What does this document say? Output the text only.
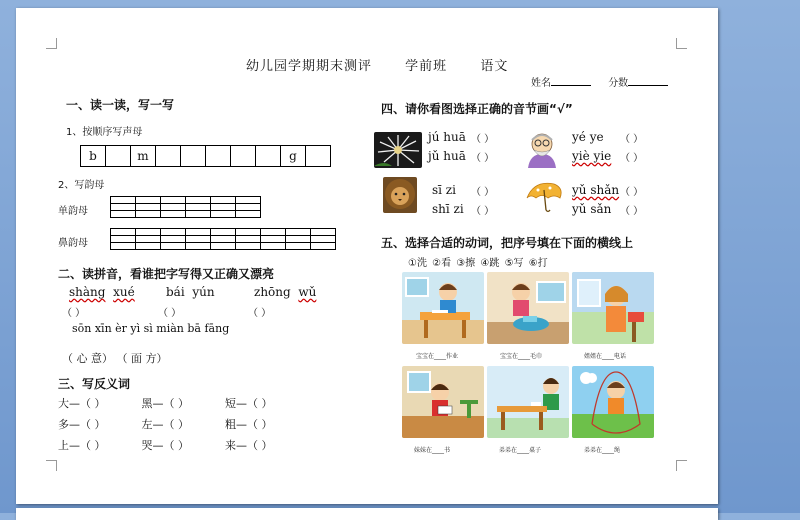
幼儿园学期期末测评	学前班	语文
姓名	分数
一、读一读，写一写
1、按顺序写声母
b	m	g
2、写韵母
单韵母
鼻韵母
二、读拼音，看谁把字写得又正确又漂亮
shàng xué	bái yún	zhōng wǔ
（ ）	（ ）	（ ）
sōn xīn èr yì sì miàn bā fāng
（ 心 意） （ 面 方）
三、写反义词
大—（ ）	黑—（ ）	短—（ ）
多—（ ）	左—（ ）	粗—（ ）
上—（ ）	哭—（ ）	来—（ ）
四、请你看图选择正确的音节画“√”
jú huā （ ）
jǔ huā （ ）
yé ye （ ）
yiè yie （ ）
sī zi （ ）
shī zi （ ）
yǔ shǎn （ ）
yǔ sǎn （ ）
五、选择合适的动词，把序号填在下面的横线上
①洗 ②看 ③擦 ④跳 ⑤写 ⑥打
宝宝在____作业	宝宝在____毛巾	姐姐在____电话
妹妹在____书	弟弟在____桌子	弟弟在____绳
